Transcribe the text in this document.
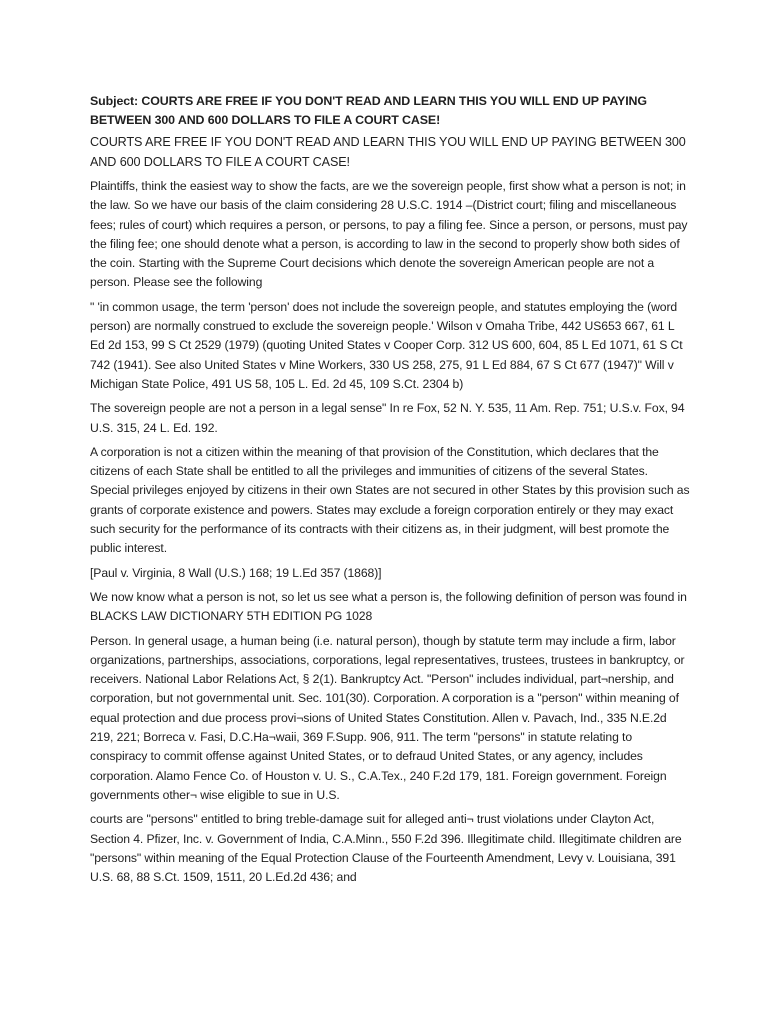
Subject: COURTS ARE FREE IF YOU DON'T READ AND LEARN THIS YOU WILL END UP PAYING BETWEEN 300 AND 600 DOLLARS TO FILE A COURT CASE!
COURTS ARE FREE IF YOU DON'T READ AND LEARN THIS YOU WILL END UP PAYING BETWEEN 300 AND 600 DOLLARS TO FILE A COURT CASE!

Plaintiffs, think the easiest way to show the facts, are we the sovereign people, first show what a person is not; in the law. So we have our basis of the claim considering 28 U.S.C. 1914 –(District court; filing and miscellaneous fees; rules of court) which requires a person, or persons, to pay a filing fee. Since a person, or persons, must pay the filing fee; one should denote what a person, is according to law in the second to properly show both sides of the coin. Starting with the Supreme Court decisions which denote the sovereign American people are not a person. Please see the following

" 'in common usage, the term 'person' does not include the sovereign people, and statutes employing the (word person) are normally construed to exclude the sovereign people.' Wilson v Omaha Tribe, 442 US653 667, 61 L Ed 2d 153, 99 S Ct 2529 (1979) (quoting United States v Cooper Corp. 312 US 600, 604, 85 L Ed 1071, 61 S Ct 742 (1941). See also United States v Mine Workers, 330 US 258, 275, 91 L Ed 884, 67 S Ct 677 (1947)" Will v Michigan State Police, 491 US 58, 105 L. Ed. 2d 45, 109 S.Ct. 2304 b)

The sovereign people are not a person in a legal sense" In re Fox, 52 N. Y. 535, 11 Am. Rep. 751; U.S.v. Fox, 94 U.S. 315, 24 L. Ed. 192.

A corporation is not a citizen within the meaning of that provision of the Constitution, which declares that the citizens of each State shall be entitled to all the privileges and immunities of citizens of the several States. Special privileges enjoyed by citizens in their own States are not secured in other States by this provision such as grants of corporate existence and powers. States may exclude a foreign corporation entirely or they may exact such security for the performance of its contracts with their citizens as, in their judgment, will best promote the public interest.

[Paul v. Virginia, 8 Wall (U.S.) 168; 19 L.Ed 357 (1868)]

We now know what a person is not, so let us see what a person is, the following definition of person was found in BLACKS LAW DICTIONARY 5TH EDITION PG 1028

Person. In general usage, a human being (i.e. natural person), though by statute term may include a firm, labor organizations, partnerships, associations, corporations, legal representatives, trustees, trustees in bankruptcy, or receivers. National Labor Relations Act, § 2(1). Bankruptcy Act. "Person" includes individual, part¬nership, and corporation, but not governmental unit. Sec. 101(30). Corporation. A corporation is a "person" within meaning of equal protection and due process provi¬sions of United States Constitution. Allen v. Pavach, Ind., 335 N.E.2d 219, 221; Borreca v. Fasi, D.C.Ha¬waii, 369 F.Supp. 906, 911. The term "persons" in statute relating to conspiracy to commit offense against United States, or to defraud United States, or any agency, includes corporation. Alamo Fence Co. of Houston v. U. S., C.A.Tex., 240 F.2d 179, 181. Foreign government. Foreign governments other¬ wise eligible to sue in U.S.

courts are "persons" entitled to bring treble-damage suit for alleged anti¬ trust violations under Clayton Act, Section 4. Pfizer, Inc. v. Government of India, C.A.Minn., 550 F.2d 396. Illegitimate child. Illegitimate children are "persons" within meaning of the Equal Protection Clause of the Fourteenth Amendment, Levy v. Louisiana, 391 U.S. 68, 88 S.Ct. 1509, 1511, 20 L.Ed.2d 436; and
